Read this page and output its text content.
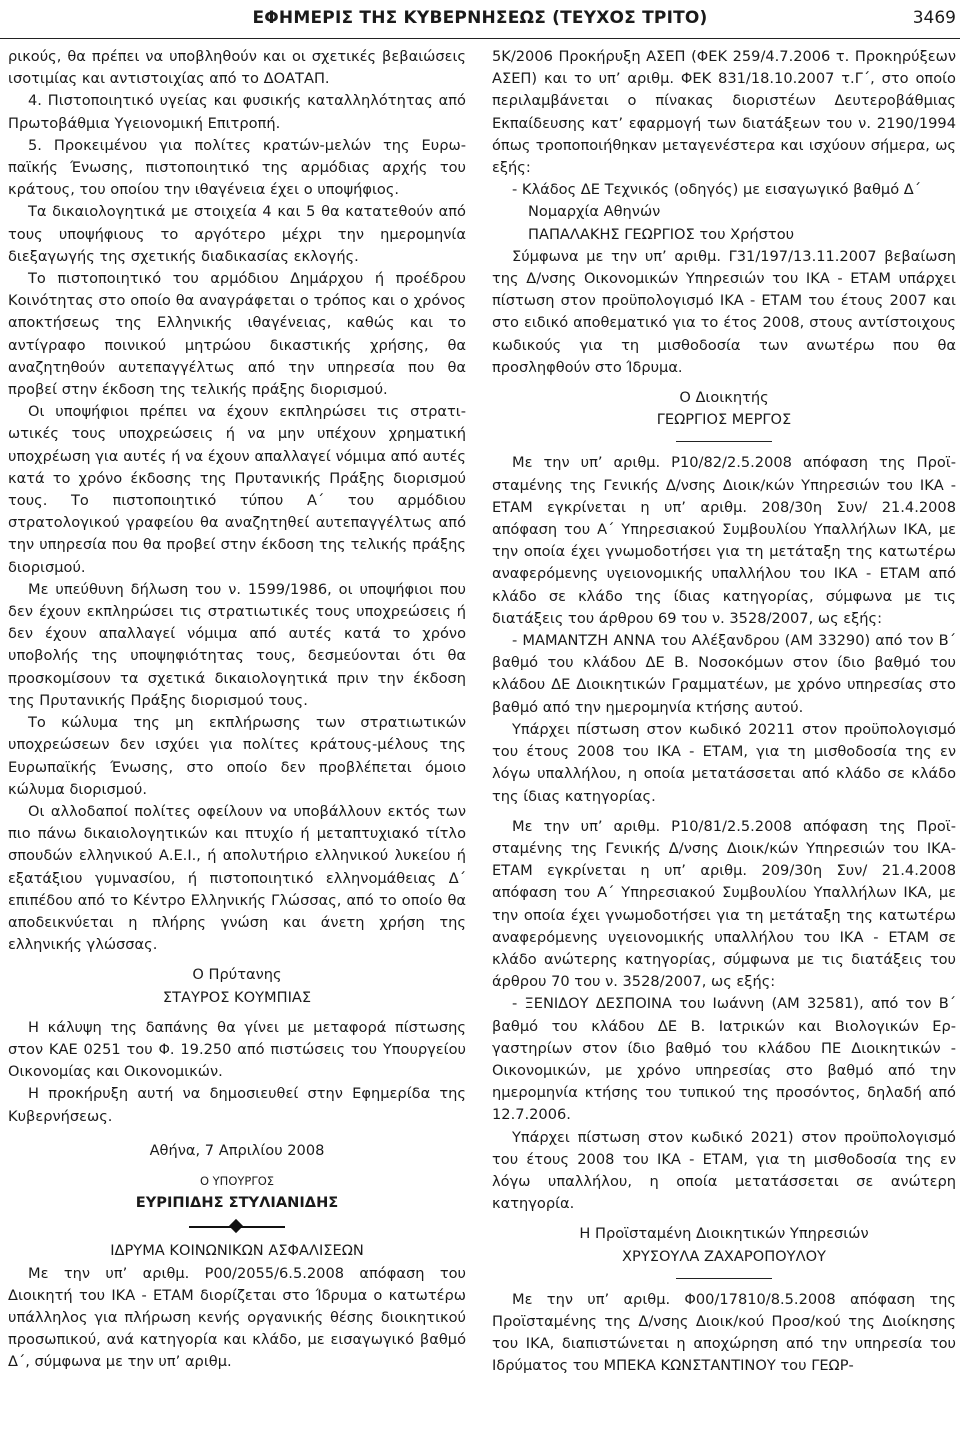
ΕΦΗΜΕΡΙΣ ΤΗΣ ΚΥΒΕΡΝΗΣΕΩΣ (ΤΕΥΧΟΣ ΤΡΙΤΟ)	3469

ρικούς, θα πρέπει να υποβληθούν και οι σχετικές βεβαιώσεις ισοτιμίας και αντιστοιχίας από το ΔΟΑΤΑΠ.

4. Πιστοποιητικό υγείας και φυσικής καταλληλότητας από Πρωτοβάθμια Υγειονομική Επιτροπή.

5. Προκειμένου για πολίτες κρατών-μελών της Ευρωπαϊκής Ένωσης, πιστοποιητικό της αρμόδιας αρχής του κράτους, του οποίου την ιθαγένεια έχει ο υποψήφιος.

Τα δικαιολογητικά με στοιχεία 4 και 5 θα κατατεθούν από τους υποψήφιους το αργότερο μέχρι την ημερομηνία διεξαγωγής της σχετικής διαδικασίας εκλογής.

Το πιστοποιητικό του αρμόδιου Δημάρχου ή προέδρου Κοινότητας στο οποίο θα αναγράφεται ο τρόπος και ο χρόνος αποκτήσεως της Ελληνικής ιθαγένειας, καθώς και το αντίγραφο ποινικού μητρώου δικαστικής χρήσης, θα αναζητηθούν αυτεπαγγέλτως από την υπηρεσία που θα προβεί στην έκδοση της τελικής πράξης διορισμού.

Οι υποψήφιοι πρέπει να έχουν εκπληρώσει τις στρατιωτικές τους υποχρεώσεις ή να μην υπέχουν χρηματική υποχρέωση για αυτές ή να έχουν απαλλαγεί νόμιμα από αυτές κατά το χρόνο έκδοσης της Πρυτανικής Πράξης διορισμού τους. Το πιστοποιητικό τύπου Α΄ του αρμόδιου στρατολογικού γραφείου θα αναζητηθεί αυτεπαγγέλτως από την υπηρεσία που θα προβεί στην έκδοση της τελικής πράξης διορισμού.

Με υπεύθυνη δήλωση του ν. 1599/1986, οι υποψήφιοι που δεν έχουν εκπληρώσει τις στρατιωτικές τους υποχρεώσεις ή δεν έχουν απαλλαγεί νόμιμα από αυτές κατά το χρόνο υποβολής της υποψηφιότητας τους, δεσμεύονται ότι θα προσκομίσουν τα σχετικά δικαιολογητικά πριν την έκδοση της Πρυτανικής Πράξης διορισμού τους.

Το κώλυμα της μη εκπλήρωσης των στρατιωτικών υποχρεώσεων δεν ισχύει για πολίτες κράτους-μέλους της Ευρωπαϊκής Ένωσης, στο οποίο δεν προβλέπεται όμοιο κώλυμα διορισμού.

Οι αλλοδαποί πολίτες οφείλουν να υποβάλλουν εκτός των πιο πάνω δικαιολογητικών και πτυχίο ή μεταπτυχιακό τίτλο σπουδών ελληνικού Α.Ε.Ι., ή απολυτήριο ελληνικού λυκείου ή εξατάξιου γυμνασίου, ή πιστοποιητικό ελληνομάθειας Δ΄ επιπέδου από το Κέντρο Ελληνικής Γλώσσας, από το οποίο θα αποδεικνύεται η πλήρης γνώση και άνετη χρήση της ελληνικής γλώσσας.

Ο Πρύτανης

ΣΤΑΥΡΟΣ ΚΟΥΜΠΙΑΣ

Η κάλυψη της δαπάνης θα γίνει με μεταφορά πίστωσης στον ΚΑΕ 0251 του Φ. 19.250 από πιστώσεις του Υπουργείου Οικονομίας και Οικονομικών.

Η προκήρυξη αυτή να δημοσιευθεί στην Εφημερίδα της Κυβερνήσεως.

Αθήνα, 7 Απριλίου 2008

Ο ΥΠΟΥΡΓΟΣ

ΕΥΡΙΠΙΔΗΣ ΣΤΥΛΙΑΝΙΔΗΣ

ΙΔΡΥΜΑ ΚΟΙΝΩΝΙΚΩΝ ΑΣΦΑΛΙΣΕΩΝ

Με την υπ’ αριθμ. Ρ00/2055/6.5.2008 απόφαση του Διοικητή του ΙΚΑ - ΕΤΑΜ διορίζεται στο Ίδρυμα ο κατωτέρω υπάλληλος για πλήρωση κενής οργανικής θέσης διοικητικού προσωπικού, ανά κατηγορία και κλάδο, με εισαγωγικό βαθμό Δ΄, σύμφωνα με την υπ’ αριθμ.

5Κ/2006 Προκήρυξη ΑΣΕΠ (ΦΕΚ 259/4.7.2006 τ. Προκηρύξεων ΑΣΕΠ) και το υπ’ αριθμ. ΦΕΚ 831/18.10.2007 τ.Γ΄, στο οποίο περιλαμβάνεται ο πίνακας διοριστέων Δευτεροβάθμιας Εκπαίδευσης κατ’ εφαρμογή των διατάξεων του ν. 2190/1994 όπως τροποποιήθηκαν μεταγενέστερα και ισχύουν σήμερα, ως εξής:

- Κλάδος ΔΕ Τεχνικός (οδηγός) με εισαγωγικό βαθμό Δ΄

Νομαρχία Αθηνών

ΠΑΠΑΛΑΚΗΣ ΓΕΩΡΓΙΟΣ του Χρήστου

Σύμφωνα με την υπ’ αριθμ. Γ31/197/13.11.2007 βεβαίωση της Δ/νσης Οικονομικών Υπηρεσιών του ΙΚΑ - ΕΤΑΜ υπάρχει πίστωση στον προϋπολογισμό ΙΚΑ - ΕΤΑΜ του έτους 2007 και στο ειδικό αποθεματικό για το έτος 2008, στους αντίστοιχους κωδικούς για τη μισθοδοσία των ανωτέρω που θα προσληφθούν στο Ίδρυμα.

Ο Διοικητής

ΓΕΩΡΓΙΟΣ ΜΕΡΓΟΣ

Με την υπ’ αριθμ. Ρ10/82/2.5.2008 απόφαση της Προϊσταμένης της Γενικής Δ/νσης Διοικ/κών Υπηρεσιών του ΙΚΑ - ΕΤΑΜ εγκρίνεται η υπ’ αριθμ. 208/30η Συν/ 21.4.2008 απόφαση του Α΄ Υπηρεσιακού Συμβουλίου Υπαλλήλων ΙΚΑ, με την οποία έχει γνωμοδοτήσει για τη μετάταξη της κατωτέρω αναφερόμενης υγειονομικής υπαλλήλου του ΙΚΑ - ΕΤΑΜ από κλάδο σε κλάδο της ίδιας κατηγορίας, σύμφωνα με τις διατάξεις του άρθρου 69 του ν. 3528/2007, ως εξής:

- ΜΑΜΑΝΤΖΗ ΑΝΝΑ του Αλέξανδρου (ΑΜ 33290) από τον Β΄ βαθμό του κλάδου ΔΕ Β. Νοσοκόμων στον ίδιο βαθμό του κλάδου ΔΕ Διοικητικών Γραμματέων, με χρόνο υπηρεσίας στο βαθμό από την ημερομηνία κτήσης αυτού.

Υπάρχει πίστωση στον κωδικό 20211 στον προϋπολογισμό του έτους 2008 του ΙΚΑ - ΕΤΑΜ, για τη μισθοδοσία της εν λόγω υπαλλήλου, η οποία μετατάσσεται από κλάδο σε κλάδο της ίδιας κατηγορίας.

Με την υπ’ αριθμ. Ρ10/81/2.5.2008 απόφαση της Προϊσταμένης της Γενικής Δ/νσης Διοικ/κών Υπηρεσιών του ΙΚΑ-ΕΤΑΜ εγκρίνεται η υπ’ αριθμ. 209/30η Συν/ 21.4.2008 απόφαση του Α΄ Υπηρεσιακού Συμβουλίου Υπαλλήλων ΙΚΑ, με την οποία έχει γνωμοδοτήσει για τη μετάταξη της κατωτέρω αναφερόμενης υγειονομικής υπαλλήλου του ΙΚΑ - ΕΤΑΜ σε κλάδο ανώτερης κατηγορίας, σύμφωνα με τις διατάξεις του άρθρου 70 του ν. 3528/2007, ως εξής:

- ΞΕΝΙΔΟΥ ΔΕΣΠΟΙΝΑ του Ιωάννη (ΑΜ 32581), από τον Β΄ βαθμό του κλάδου ΔΕ Β. Ιατρικών και Βιολογικών Εργαστηρίων στον ίδιο βαθμό του κλάδου ΠΕ Διοικητικών - Οικονομικών, με χρόνο υπηρεσίας στο βαθμό από την ημερομηνία κτήσης του τυπικού της προσόντος, δηλαδή από 12.7.2006.

Υπάρχει πίστωση στον κωδικό 2021) στον προϋπολογισμό του έτους 2008 του ΙΚΑ - ΕΤΑΜ, για τη μισθοδοσία της εν λόγω υπαλλήλου, η οποία μετατάσσεται σε ανώτερη κατηγορία.

Η Προϊσταμένη Διοικητικών Υπηρεσιών

ΧΡΥΣΟΥΛΑ ΖΑΧΑΡΟΠΟΥΛΟΥ

Με την υπ’ αριθμ. Φ00/17810/8.5.2008 απόφαση της Προϊσταμένης της Δ/νσης Διοικ/κού Προσ/κού της Διοίκησης του ΙΚΑ, διαπιστώνεται η αποχώρηση από την υπηρεσία του Ιδρύματος του ΜΠΕΚΑ ΚΩΝΣΤΑΝΤΙΝΟΥ του ΓΕΩΡ-
